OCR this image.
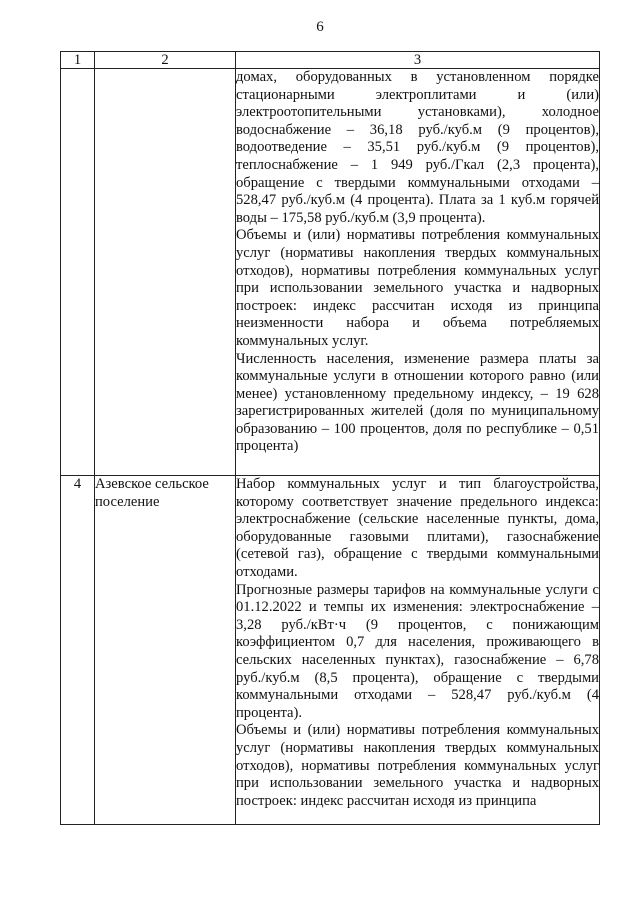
6
1	2	3

		домах, оборудованных в установленном порядке стационарными электроплитами и (или) электроотопительными установками), холодное водоснабжение – 36,18 руб./куб.м (9 процентов), водоотведение – 35,51 руб./куб.м (9 процентов), теплоснабжение – 1 949 руб./Гкал (2,3 процента), обращение с твердыми коммунальными отходами – 528,47 руб./куб.м (4 процента). Плата за 1 куб.м горячей воды – 175,58 руб./куб.м (3,9 процента).

Объемы и (или) нормативы потребления коммунальных услуг (нормативы накопления твердых коммунальных отходов), нормативы потребления коммунальных услуг при использовании земельного участка и надворных построек: индекс рассчитан исходя из принципа неизменности набора и объема потребляемых коммунальных услуг.

Численность населения, изменение размера платы за коммунальные услуги в отношении которого равно (или менее) установленному предельному индексу, – 19 628 зарегистрированных жителей (доля по муниципальному образованию – 100 процентов, доля по республике – 0,51 процента)

4	Азевское сельское поселение	Набор коммунальных услуг и тип благоустройства, которому соответствует значение предельного индекса: электроснабжение (сельские населенные пункты, дома, оборудованные газовыми плитами), газоснабжение (сетевой газ), обращение с твердыми коммунальными отходами.

Прогнозные размеры тарифов на коммунальные услуги с 01.12.2022 и темпы их изменения: электроснабжение – 3,28 руб./кВт·ч (9 процентов, с понижающим коэффициентом 0,7 для населения, проживающего в сельских населенных пунктах), газоснабжение – 6,78 руб./куб.м (8,5 процента), обращение с твердыми коммунальными отходами – 528,47 руб./куб.м (4 процента).

Объемы и (или) нормативы потребления коммунальных услуг (нормативы накопления твердых коммунальных отходов), нормативы потребления коммунальных услуг при использовании земельного участка и надворных построек: индекс рассчитан исходя из принципа
